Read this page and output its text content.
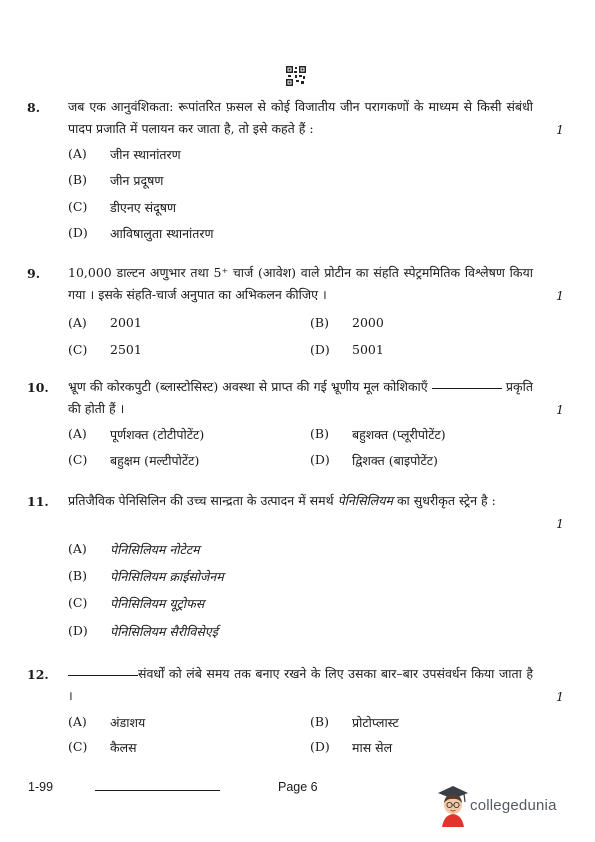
8. जब एक आनुवंशिकता: रूपांतरित फ़सल से कोई विजातीय जीन परागकणों के माध्यम से किसी संबंधी पादप प्रजाति में पलायन कर जाता है, तो इसे कहते हैं :	1
(A) जीन स्थानांतरण
(B) जीन प्रदूषण
(C) डीएनए संदूषण
(D) आविषालुता स्थानांतरण
9. 10,000 डाल्टन अणुभार तथा 5⁺ चार्ज (आवेश) वाले प्रोटीन का संहति स्पेट्रममितिक विश्लेषण किया गया । इसके संहति-चार्ज अनुपात का अभिकलन कीजिए ।	1
(A) 2001	(B) 2000
(C) 2501	(D) 5001
10. भ्रूण की कोरकपुटी (ब्लास्टोसिस्ट) अवस्था से प्राप्त की गई भ्रूणीय मूल कोशिकाएँ	प्रकृति की होती हैं ।	1
(A) पूर्णशक्त (टोटीपोटेंट)	(B) बहुशक्त (प्लूरीपोटेंट)
(C) बहुक्षम (मल्टीपोटेंट)	(D) द्विशक्त (बाइपोटेंट)
11. प्रतिजैविक पेनिसिलिन की उच्च सान्द्रता के उत्पादन में समर्थ पेनिसिलियम का सुधरीकृत स्ट्रेन है :
1
(A) पेनिसिलियम नोटेटम
(B) पेनिसिलियम क्राईसोजेनम
(C) पेनिसिलियम यूट्रोफस
(D) पेनिसिलियम सैरीविसेएई
12.	संवर्धों को लंबे समय तक बनाए रखने के लिए उसका बार–बार उपसंवर्धन किया जाता है ।	1
(A) अंडाशय	(B) प्रोटोप्लास्ट
(C) कैलस	(D) मास सेल
1-99	Page 6
collegedunia
